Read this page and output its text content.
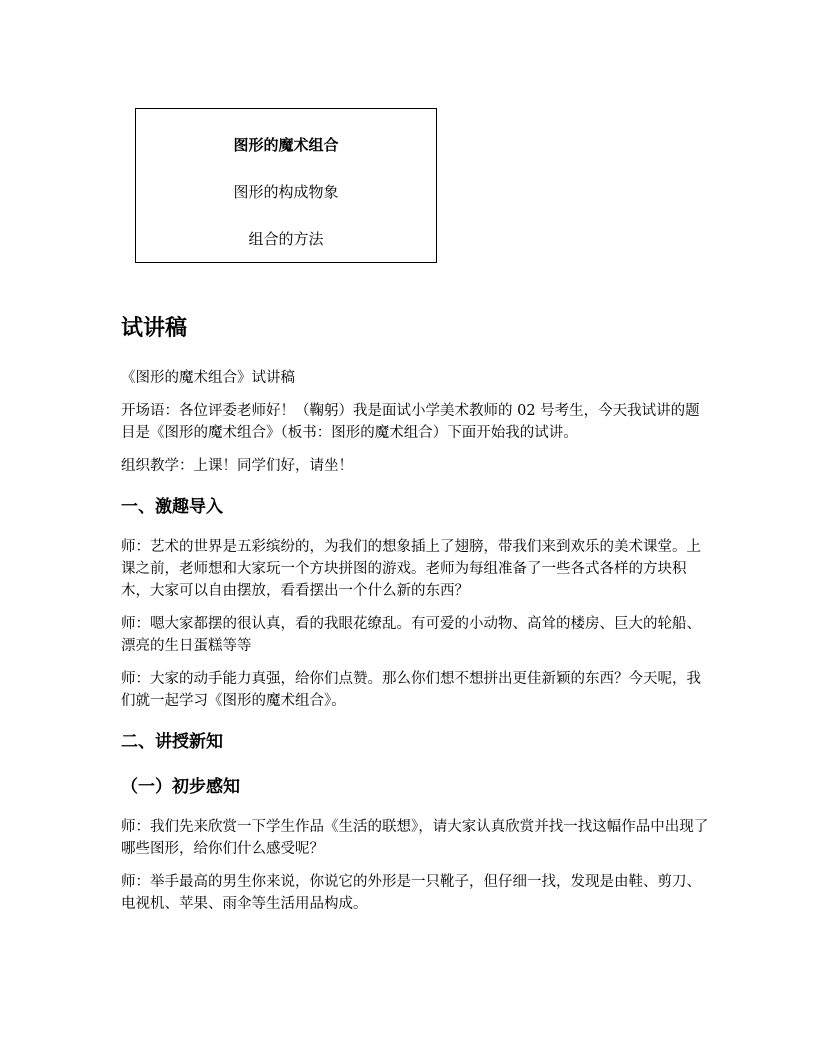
图形的魔术组合
图形的构成物象
组合的方法
试讲稿

《图形的魔术组合》试讲稿

开场语：各位评委老师好！（鞠躬）我是面试小学美术教师的 02 号考生，今天我试讲的题目是《图形的魔术组合》（板书：图形的魔术组合）下面开始我的试讲。

组织教学：上课！同学们好，请坐！

一、激趣导入

师：艺术的世界是五彩缤纷的，为我们的想象插上了翅膀，带我们来到欢乐的美术课堂。上课之前，老师想和大家玩一个方块拼图的游戏。老师为每组准备了一些各式各样的方块积木，大家可以自由摆放，看看摆出一个什么新的东西？

师：嗯大家都摆的很认真，看的我眼花缭乱。有可爱的小动物、高耸的楼房、巨大的轮船、漂亮的生日蛋糕等等

师：大家的动手能力真强，给你们点赞。那么你们想不想拼出更佳新颖的东西？今天呢，我们就一起学习《图形的魔术组合》。

二、讲授新知
（一）初步感知

师：我们先来欣赏一下学生作品《生活的联想》，请大家认真欣赏并找一找这幅作品中出现了哪些图形，给你们什么感受呢？

师：举手最高的男生你来说，你说它的外形是一只靴子，但仔细一找，发现是由鞋、剪刀、电视机、苹果、雨伞等生活用品构成。
